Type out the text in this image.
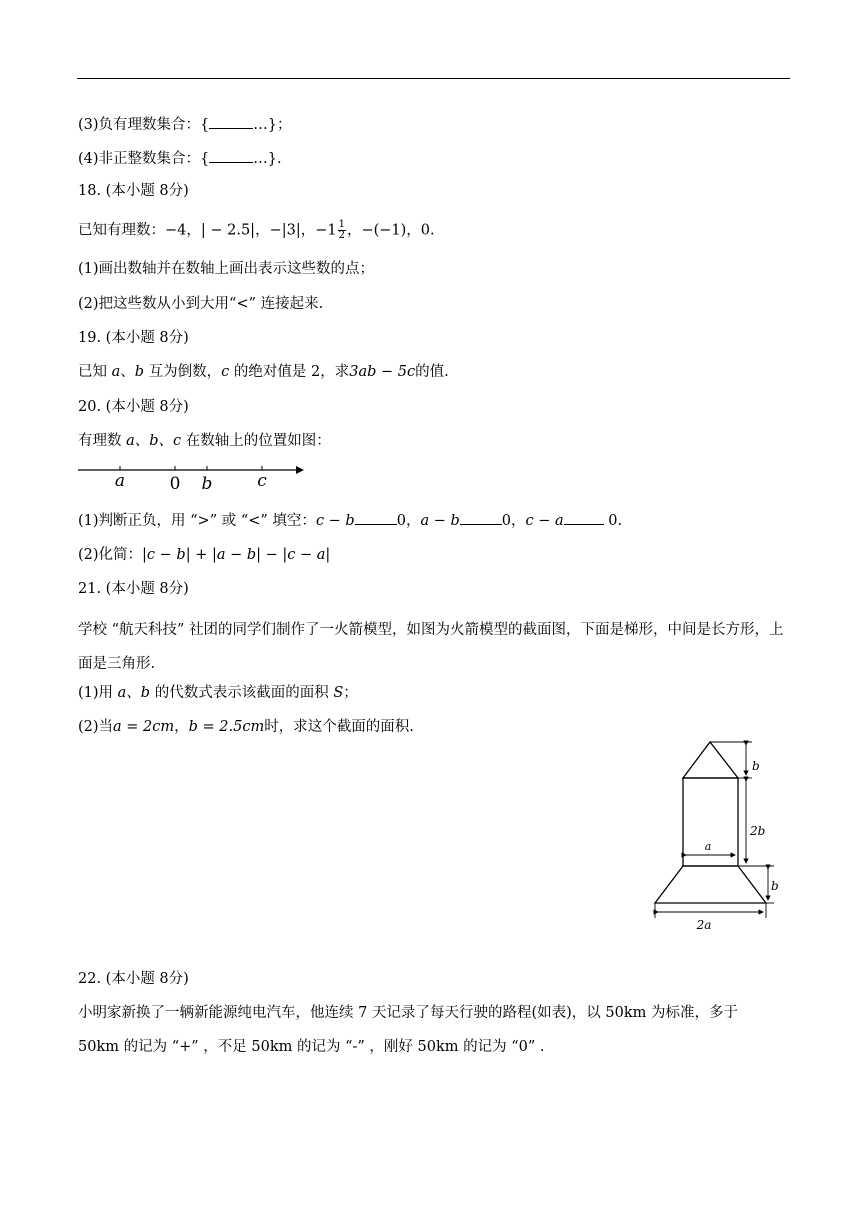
(3)负有理数集合：{	…}；
(4)非正整数集合：{	…}.
18. (本小题 8分)
已知有理数：−4，| − 2.5|，−|3|，$-1 \frac{1}{2}$ ，−(−1)，0.
(1)画出数轴并在数轴上画出表示这些数的点；
(2)把这些数从小到大用“<” 连接起来.
19. (本小题 8分)
已知 a、b 互为倒数，c 的绝对值是 2，求3ab − 5c的值.
20. (本小题 8分)
有理数 a、b、c 在数轴上的位置如图：
a	0 b	c
(1)判断正负，用 “>” 或 “<” 填空：c − b	0，a − b	0，c − a	0.
(2)化简：|c − b| + |a − b| − |c − a|
21. (本小题 8分)
学校 “航天科技” 社团的同学们制作了一火箭模型，如图为火箭模型的截面图，下面是梯形，中间是长方形，上面是三角形.
(1)用 a、b 的代数式表示该截面的面积 S；
(2)当a = 2cm，b = 2.5cm时，求这个截面的面积.
b
2b
a
b
2a
22. (本小题 8分)
小明家新换了一辆新能源纯电汽车，他连续 7 天记录了每天行驶的路程(如表)，以 50km 为标准，多于
50km 的记为 “+” ，不足 50km 的记为 “-” ，刚好 50km 的记为 “0” .
